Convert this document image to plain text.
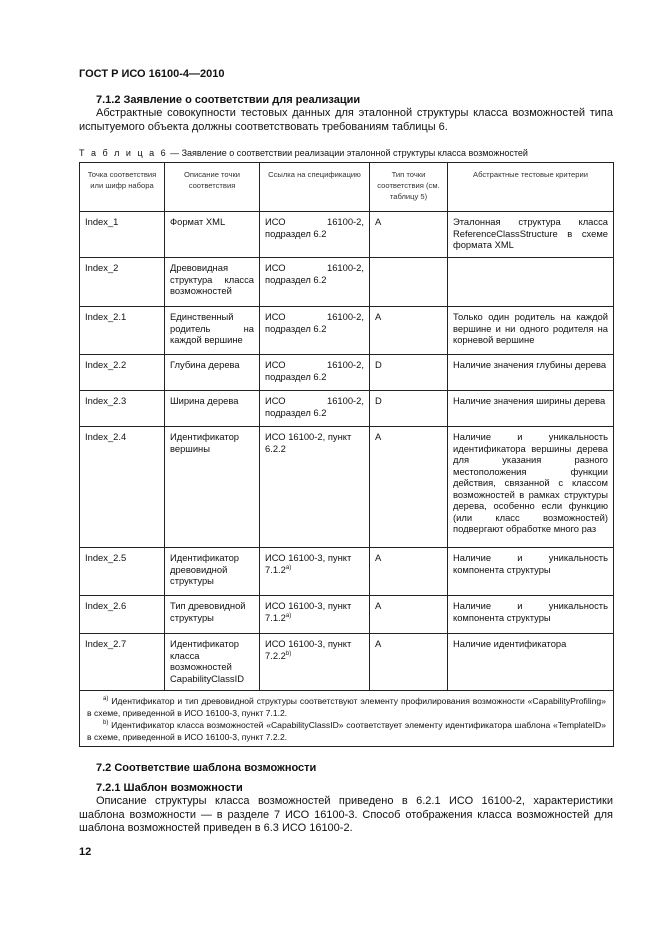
ГОСТ Р ИСО 16100-4—2010
7.1.2 Заявление о соответствии для реализации
Абстрактные совокупности тестовых данных для эталонной структуры класса возможностей типа испытуемого объекта должны соответствовать требованиям таблицы 6.
Т а б л и ц а 6 — Заявление о соответствии реализации эталонной структуры класса возможностей
Точка соответствия или шифр набора	Описание точки соответствия	Ссылка на спецификацию	Тип точки соответствия (см. таблицу 5)	Абстрактные тестовые критерии
Index_1	Формат XML	ИСО 16100-2, подраздел 6.2	A	Эталонная структура класса ReferenceClassStructure в схеме формата XML
Index_2	Древовидная структура класса возможностей	ИСО 16100-2, подраздел 6.2		
Index_2.1	Единственный родитель на каждой вершине	ИСО 16100-2, подраздел 6.2	A	Только один родитель на каждой вершине и ни одного родителя на корневой вершине
Index_2.2	Глубина дерева	ИСО 16100-2, подраздел 6.2	D	Наличие значения глубины дерева
Index_2.3	Ширина дерева	ИСО 16100-2, подраздел 6.2	D	Наличие значения ширины дерева
Index_2.4	Идентификатор вершины	ИСО 16100-2, пункт 6.2.2	A	Наличие и уникальность идентификатора вершины дерева для указания разного местоположения функции действия, связанной с классом возможностей в рамках структуры дерева, особенно если функцию (или класс возможностей) подвергают обработке много раз
Index_2.5	Идентификатор древовидной структуры	ИСО 16100-3, пункт 7.1.2$^{a)}$	A	Наличие и уникальность компонента структуры
Index_2.6	Тип древовидной структуры	ИСО 16100-3, пункт 7.1.2$^{a)}$	A	Наличие и уникальность компонента структуры
Index_2.7	Идентификатор класса возможностей CapabilityClassID	ИСО 16100-3, пункт 7.2.2$^{b)}$	A	Наличие идентификатора

$^{a)}$ Идентификатор и тип древовидной структуры соответствуют элементу профилирования возможности «CapabilityProfiling» в схеме, приведенной в ИСО 16100-3, пункт 7.1.2.

$^{b)}$ Идентификатор класса возможностей «CapabilityClassID» соответствует элементу идентификатора шаблона «TemplateID» в схеме, приведенной в ИСО 16100-3, пункт 7.2.2.				

7.2 Соответствие шаблона возможности
7.2.1 Шаблон возможности
Описание структуры класса возможностей приведено в 6.2.1 ИСО 16100-2, характеристики шаблона возможности — в разделе 7 ИСО 16100-3. Способ отображения класса возможностей для шаблона возможностей приведен в 6.3 ИСО 16100-2.
12
